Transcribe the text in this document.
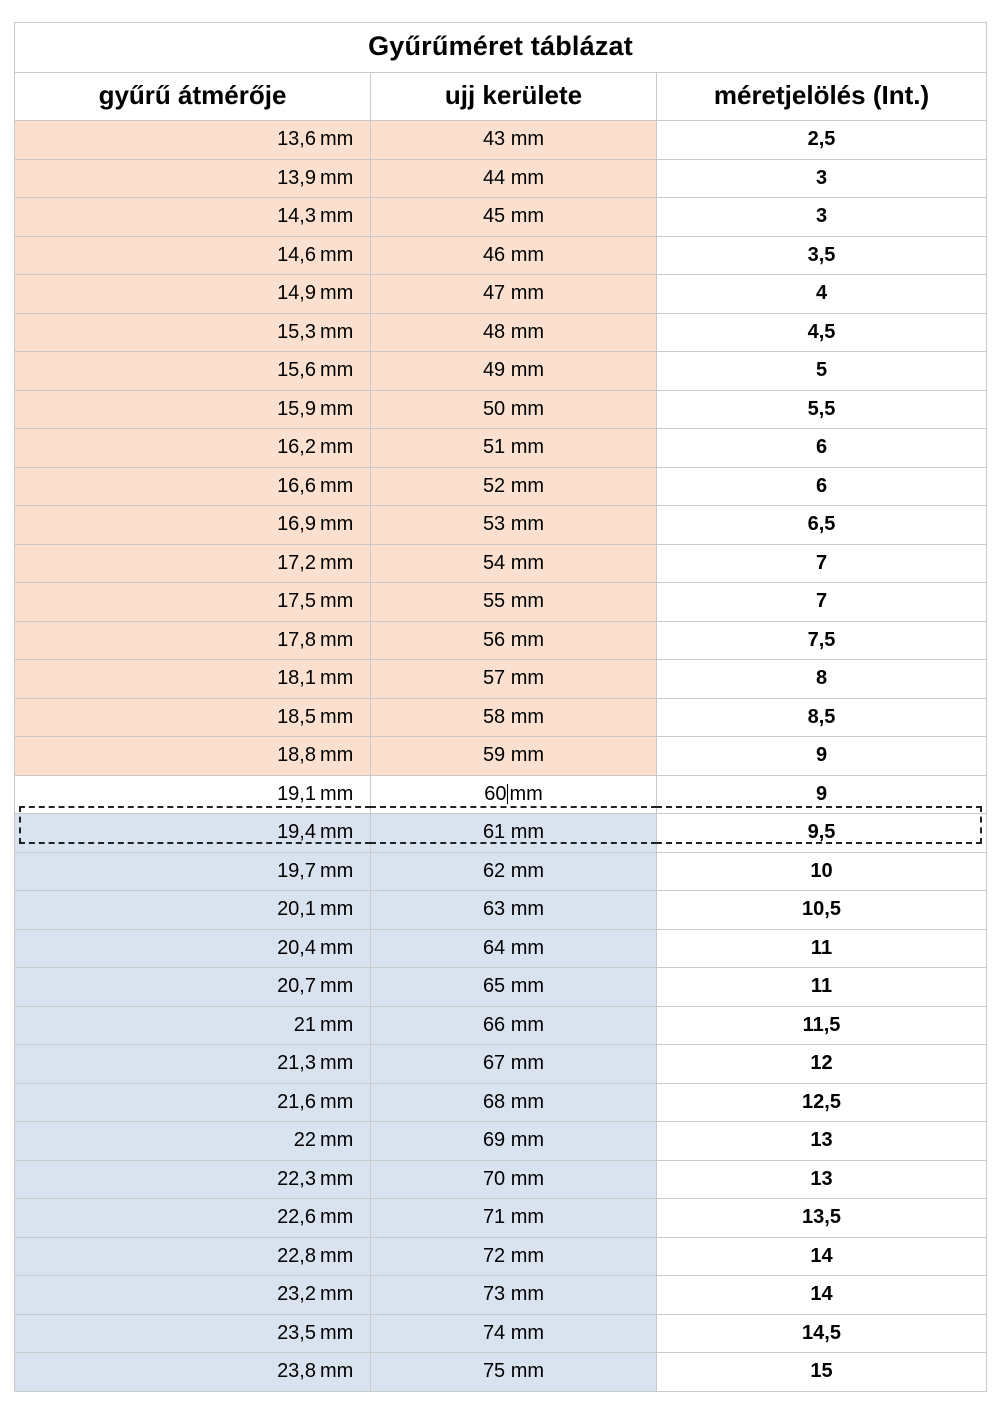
Gyűrűméret táblázat		
gyűrű átmérője	ujj kerülete	méretjelölés (Int.)

13,6 mm	43 mm	2,5

13,9 mm	44 mm	3

14,3 mm	45 mm	3

14,6 mm	46 mm	3,5

14,9 mm	47 mm	4

15,3 mm	48 mm	4,5

15,6 mm	49 mm	5

15,9 mm	50 mm	5,5

16,2 mm	51 mm	6

16,6 mm	52 mm	6

16,9 mm	53 mm	6,5

17,2 mm	54 mm	7

17,5 mm	55 mm	7

17,8 mm	56 mm	7,5

18,1 mm	57 mm	8

18,5 mm	58 mm	8,5

18,8 mm	59 mm	9

19,1 mm	60 mm	9

19,4 mm	61 mm	9,5

19,7 mm	62 mm	10

20,1 mm	63 mm	10,5

20,4 mm	64 mm	11

20,7 mm	65 mm	11

21 mm	66 mm	11,5

21,3 mm	67 mm	12

21,6 mm	68 mm	12,5

22 mm	69 mm	13

22,3 mm	70 mm	13

22,6 mm	71 mm	13,5

22,8 mm	72 mm	14

23,2 mm	73 mm	14

23,5 mm	74 mm	14,5

23,8 mm	75 mm	15
